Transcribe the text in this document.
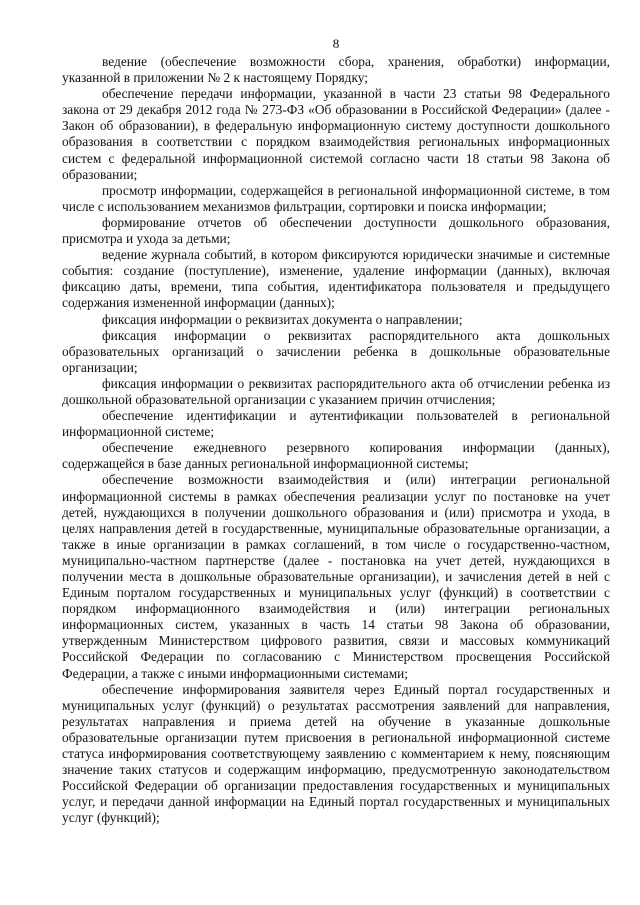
8

ведение (обеспечение возможности сбора, хранения, обработки) информации, указанной в приложении № 2 к настоящему Порядку;

обеспечение передачи информации, указанной в части 23 статьи 98 Федерального закона от 29 декабря 2012 года № 273-ФЗ «Об образовании в Российской Федерации» (далее - Закон об образовании), в федеральную информационную систему доступности дошкольного образования в соответствии с порядком взаимодействия региональных информационных систем с федеральной информационной системой согласно части 18 статьи 98 Закона об образовании;

просмотр информации, содержащейся в региональной информационной системе, в том числе с использованием механизмов фильтрации, сортировки и поиска информации;

формирование отчетов об обеспечении доступности дошкольного образования, присмотра и ухода за детьми;

ведение журнала событий, в котором фиксируются юридически значимые и системные события: создание (поступление), изменение, удаление информации (данных), включая фиксацию даты, времени, типа события, идентификатора пользователя и предыдущего содержания измененной информации (данных);

фиксация информации о реквизитах документа о направлении;

фиксация информации о реквизитах распорядительного акта дошкольных образовательных организаций о зачислении ребенка в дошкольные образовательные организации;

фиксация информации о реквизитах распорядительного акта об отчислении ребенка из дошкольной образовательной организации с указанием причин отчисления;

обеспечение идентификации и аутентификации пользователей в региональной информационной системе;

обеспечение ежедневного резервного копирования информации (данных), содержащейся в базе данных региональной информационной системы;

обеспечение возможности взаимодействия и (или) интеграции региональной информационной системы в рамках обеспечения реализации услуг по постановке на учет детей, нуждающихся в получении дошкольного образования и (или) присмотра и ухода, в целях направления детей в государственные, муниципальные образовательные организации, а также в иные организации в рамках соглашений, в том числе о государственно-частном, муниципально-частном партнерстве (далее - постановка на учет детей, нуждающихся в получении места в дошкольные образовательные организации), и зачисления детей в ней с Единым порталом государственных и муниципальных услуг (функций) в соответствии с порядком информационного взаимодействия и (или) интеграции региональных информационных систем, указанных в часть 14 статьи 98 Закона об образовании, утвержденным Министерством цифрового развития, связи и массовых коммуникаций Российской Федерации по согласованию с Министерством просвещения Российской Федерации, а также с иными информационными системами;

обеспечение информирования заявителя через Единый портал государственных и муниципальных услуг (функций) о результатах рассмотрения заявлений для направления, результатах направления и приема детей на обучение в указанные дошкольные образовательные организации путем присвоения в региональной информационной системе статуса информирования соответствующему заявлению с комментарием к нему, поясняющим значение таких статусов и содержащим информацию, предусмотренную законодательством Российской Федерации об организации предоставления государственных и муниципальных услуг, и передачи данной информации на Единый портал государственных и муниципальных услуг (функций);
